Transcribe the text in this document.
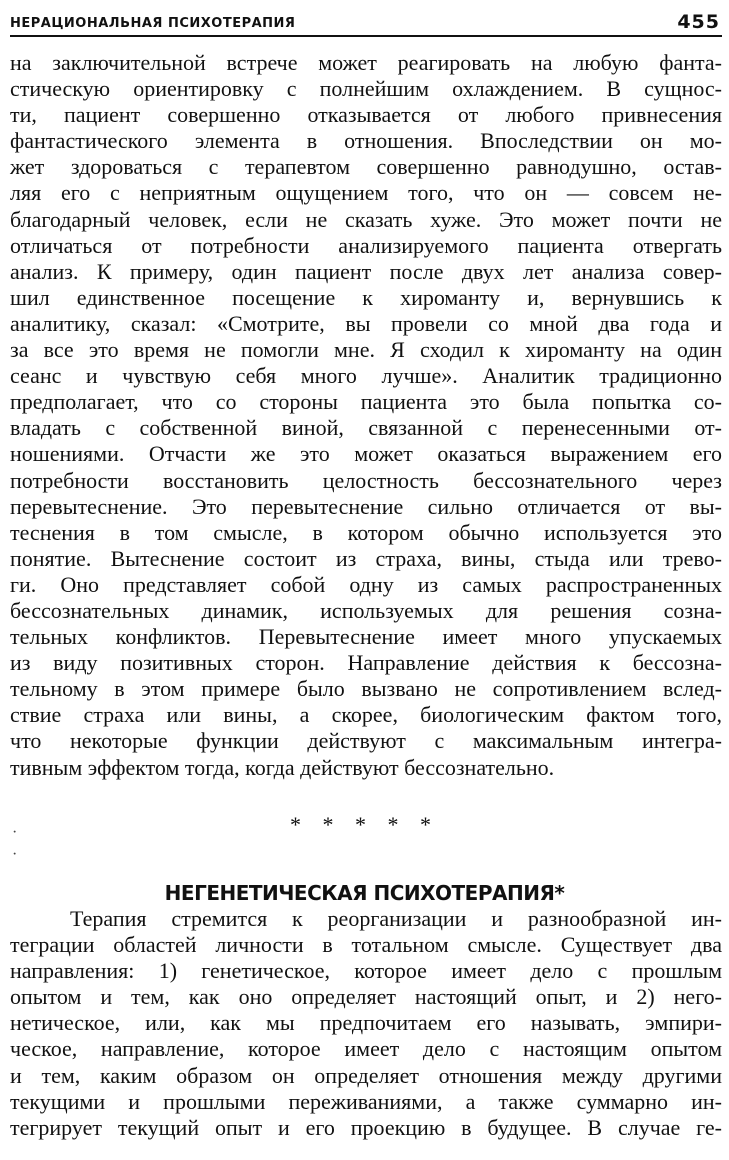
НЕРАЦИОНАЛЬНАЯ ПСИХОТЕРАПИЯ	455
на заключительной встрече может реагировать на любую фанта-
стическую ориентировку с полнейшим охлаждением. В сущнос-
ти, пациент совершенно отказывается от любого привнесения
фантастического элемента в отношения. Впоследствии он мо-
жет здороваться с терапевтом совершенно равнодушно, остав-
ляя его с неприятным ощущением того, что он — совсем не-
благодарный человек, если не сказать хуже. Это может почти не
отличаться от потребности анализируемого пациента отвергать
анализ. К примеру, один пациент после двух лет анализа совер-
шил единственное посещение к хироманту и, вернувшись к
аналитику, сказал: «Смотрите, вы провели со мной два года и
за все это время не помогли мне. Я сходил к хироманту на один
сеанс и чувствую себя много лучше». Аналитик традиционно
предполагает, что со стороны пациента это была попытка со-
владать с собственной виной, связанной с перенесенными от-
ношениями. Отчасти же это может оказаться выражением его
потребности восстановить целостность бессознательного через
перевытеснение. Это перевытеснение сильно отличается от вы-
теснения в том смысле, в котором обычно используется это
понятие. Вытеснение состоит из страха, вины, стыда или трево-
ги. Оно представляет собой одну из самых распространенных
бессознательных динамик, используемых для решения созна-
тельных конфликтов. Перевытеснение имеет много упускаемых
из виду позитивных сторон. Направление действия к бессозна-
тельному в этом примере было вызвано не сопротивлением вслед-
ствие страха или вины, а скорее, биологическим фактом того,
что некоторые функции действуют с максимальным интегра-
тивным эффектом тогда, когда действуют бессознательно.
* * * * *
·
·
НЕГЕНЕТИЧЕСКАЯ ПСИХОТЕРАПИЯ*
Терапия стремится к реорганизации и разнообразной ин-
теграции областей личности в тотальном смысле. Существует два
направления: 1) генетическое, которое имеет дело с прошлым
опытом и тем, как оно определяет настоящий опыт, и 2) него-
нетическое, или, как мы предпочитаем его называть, эмпири-
ческое, направление, которое имеет дело с настоящим опытом
и тем, каким образом он определяет отношения между другими
текущими и прошлыми переживаниями, а также суммарно ин-
тегрирует текущий опыт и его проекцию в будущее. В случае ге-
